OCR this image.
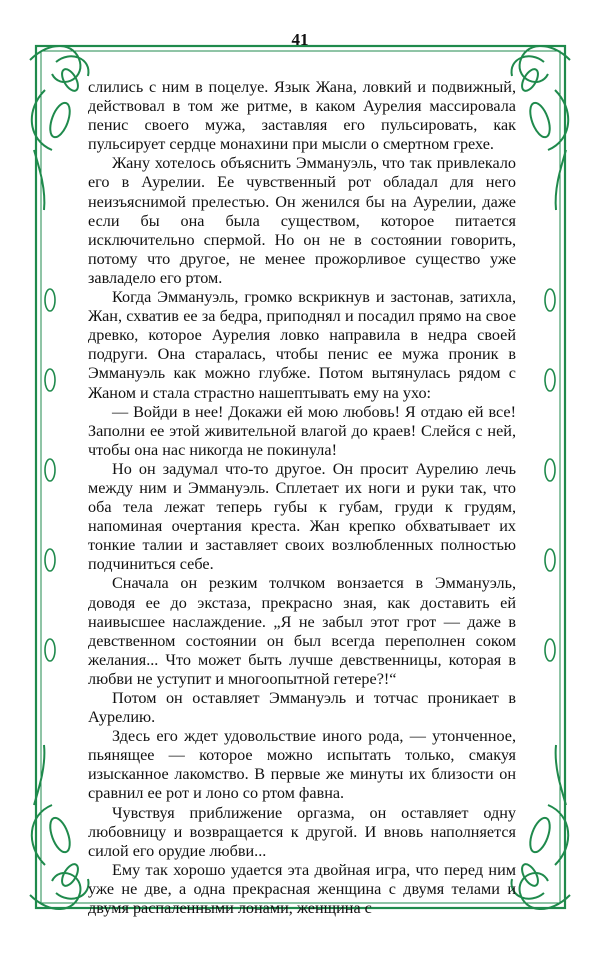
41

слились с ним в поцелуе. Язык Жана, ловкий и подвижный, действовал в том же ритме, в каком Аурелия массировала пенис своего мужа, заставляя его пульсировать, как пульсирует сердце монахини при мысли о смертном грехе.

Жану хотелось объяснить Эммануэль, что так привлекало его в Аурелии. Ее чувственный рот обладал для него неизъяснимой прелестью. Он женился бы на Аурелии, даже если бы она была существом, которое питается исключительно спермой. Но он не в состоянии говорить, потому что другое, не менее прожорливое существо уже завладело его ртом.

Когда Эммануэль, громко вскрикнув и застонав, затихла, Жан, схватив ее за бедра, приподнял и посадил прямо на свое древко, которое Аурелия ловко направила в недра своей подруги. Она старалась, чтобы пенис ее мужа проник в Эммануэль как можно глубже. Потом вытянулась рядом с Жаном и стала страстно нашептывать ему на ухо:

— Войди в нее! Докажи ей мою любовь! Я отдаю ей все! Заполни ее этой живительной влагой до краев! Слейся с ней, чтобы она нас никогда не покинула!

Но он задумал что-то другое. Он просит Аурелию лечь между ним и Эммануэль. Сплетает их ноги и руки так, что оба тела лежат теперь губы к губам, груди к грудям, напоминая очертания креста. Жан крепко обхватывает их тонкие талии и заставляет своих возлюбленных полностью подчиниться себе.

Сначала он резким толчком вонзается в Эммануэль, доводя ее до экстаза, прекрасно зная, как доставить ей наивысшее наслаждение. „Я не забыл этот грот — даже в девственном состоянии он был всегда переполнен соком желания... Что может быть лучше девственницы, которая в любви не уступит и многоопытной гетере?!“

Потом он оставляет Эммануэль и тотчас проникает в Аурелию.

Здесь его ждет удовольствие иного рода, — утонченное, пьянящее — которое можно испытать только, смакуя изысканное лакомство. В первые же минуты их близости он сравнил ее рот и лоно со ртом фавна.

Чувствуя приближение оргазма, он оставляет одну любовницу и возвращается к другой. И вновь наполняется силой его орудие любви...

Ему так хорошо удается эта двойная игра, что перед ним уже не две, а одна прекрасная женщина с двумя телами и двумя распаленными лонами, женщина с
